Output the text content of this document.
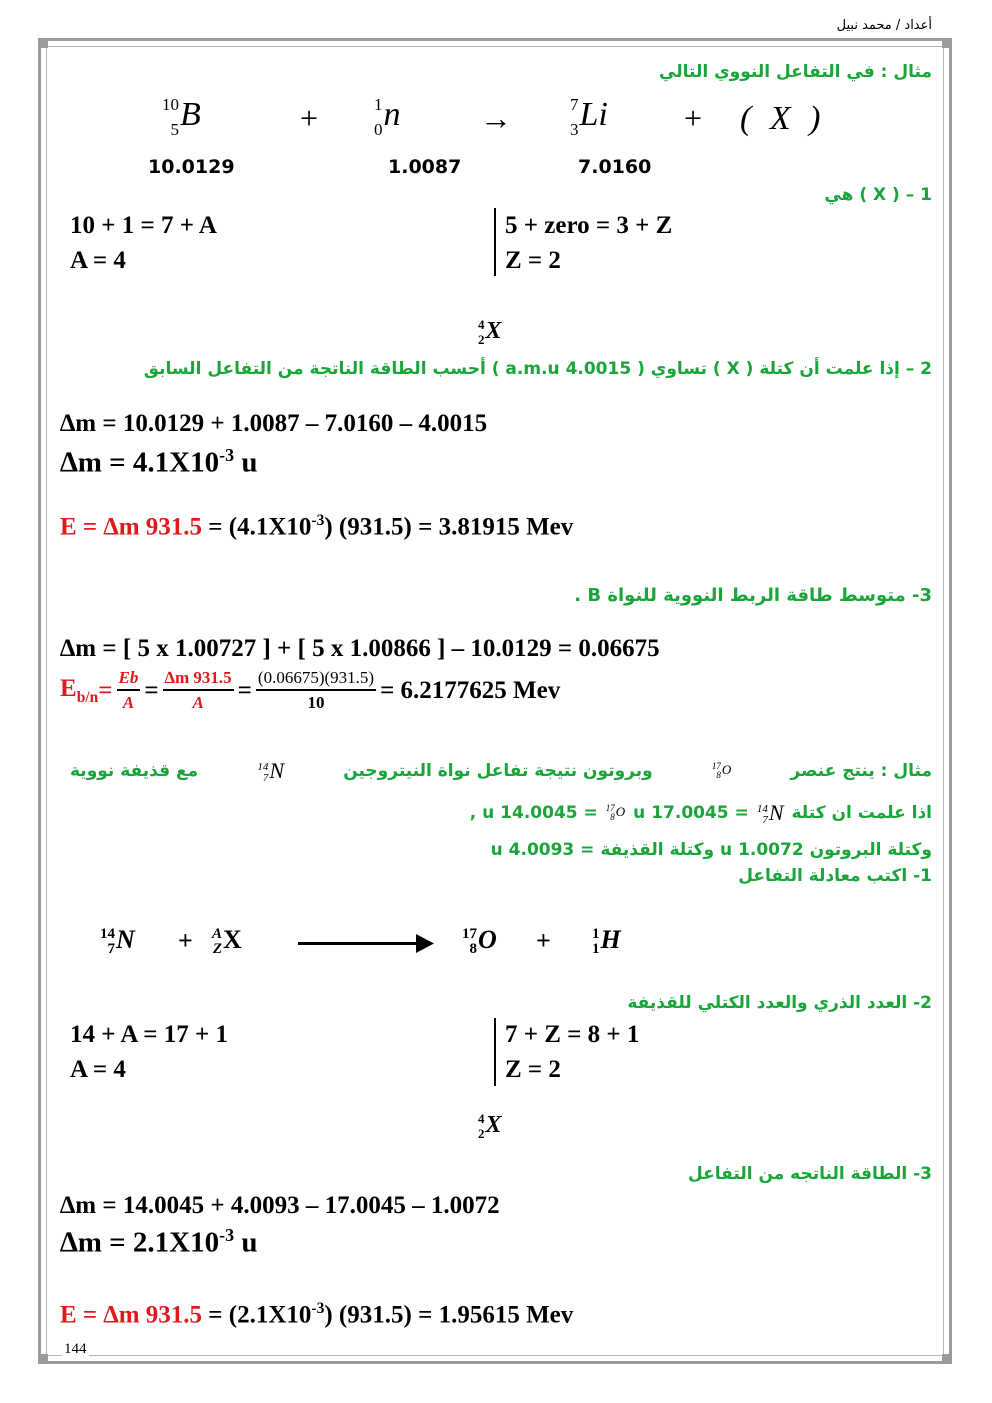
أعداد / محمد نبيل
144
مثال : في التفاعل النووي التالي
10
5 B	+	1
0 n →	7
3 Li + ( X )
10.0129	1.0087	7.0160
1 – ( X ) هي
10 + 1 = 7 + A
A = 4
5 + zero = 3 + Z
Z = 2
4
2 X
2 – إذا علمت أن كتلة ( X ) تساوي ( 4.0015 a.m.u ) أحسب الطاقة الناتجة من التفاعل السابق
∆m = 10.0129 + 1.0087 – 7.0160 – 4.0015
$\Delta m = 4.1X10^{-3}$ u
E = ∆m $931.5 = (4.1X10^{-3}) (931.5) = 3.81915$ Mev
3- متوسط طاقة الربط النووية للنواة B .
∆m = [ 5 x 1.00727 ] + [ 5 x 1.00866 ] – 10.0129 = 0.06675
$E_{b/n} = \frac{Eb}{A} = \frac{\Delta m 931.5}{A} = \frac{(0.06675)(931.5)}{10} = 6.2177625$ Mev
مثال : ينتج عنصر
17
8 O
وبروتون نتيجة تفاعل نواة النيتروجين
14
7 N
مع قذيفة نووية
اذا علمت ان كتلة
14
7 N
= 17.0045 u
17
8 O
= 14.0045 u ,
وكتلة البروتون 1.0072 u وكتلة القذيفة = 4.0093 u
1- اكتب معادلة التفاعل
14
7 N + A
Z X	17
8 O +	1
1 H
2- العدد الذري والعدد الكتلي للقذيفة
14 + A = 17 + 1
A = 4
7 + Z = 8 + 1
Z = 2
4
2 X
3- الطاقة الناتجه من التفاعل
∆m = 14.0045 + 4.0093 – 17.0045 – 1.0072
$\Delta m = 2.1X10^{-3}$ u
E = ∆m $931.5 = (2.1X10^{-3}) (931.5) = 1.95615$ Mev
